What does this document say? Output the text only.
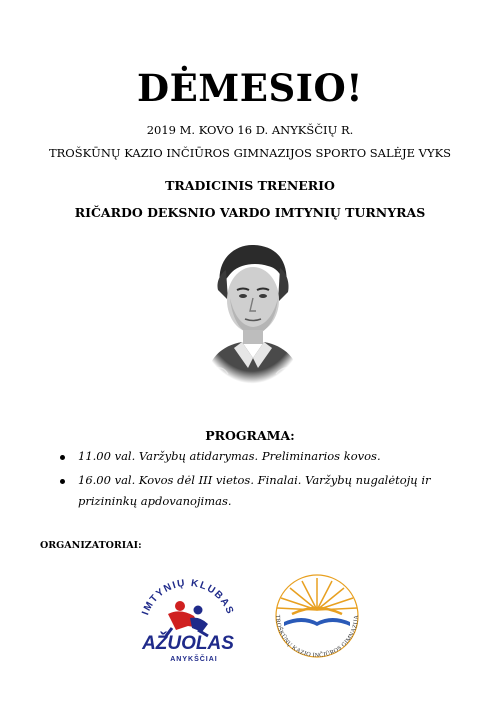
DĖMESIO!
2019 M. KOVO 16 D. ANYKŠČIŲ R.
TROŠKŪNŲ KAZIO INČIŪROS GIMNAZIJOS SPORTO SALĖJE VYKS
TRADICINIS TRENERIO
RIČARDO DEKSNIO VARDO IMTYNIŲ TURNYRAS
PROGRAMA:
11.00 val. Varžybų atidarymas. Preliminarios kovos.
16.00 val. Kovos dėl III vietos. Finalai. Varžybų nugalėtojų ir prizininkų apdovanojimas.
ORGANIZATORIAI:
IMTYNIŲ KLUBAS
AŽUOLAS
ANYKŠČIAI
TROŠKŪNŲ KAZIO INČIŪROS GIMNAZIJA
